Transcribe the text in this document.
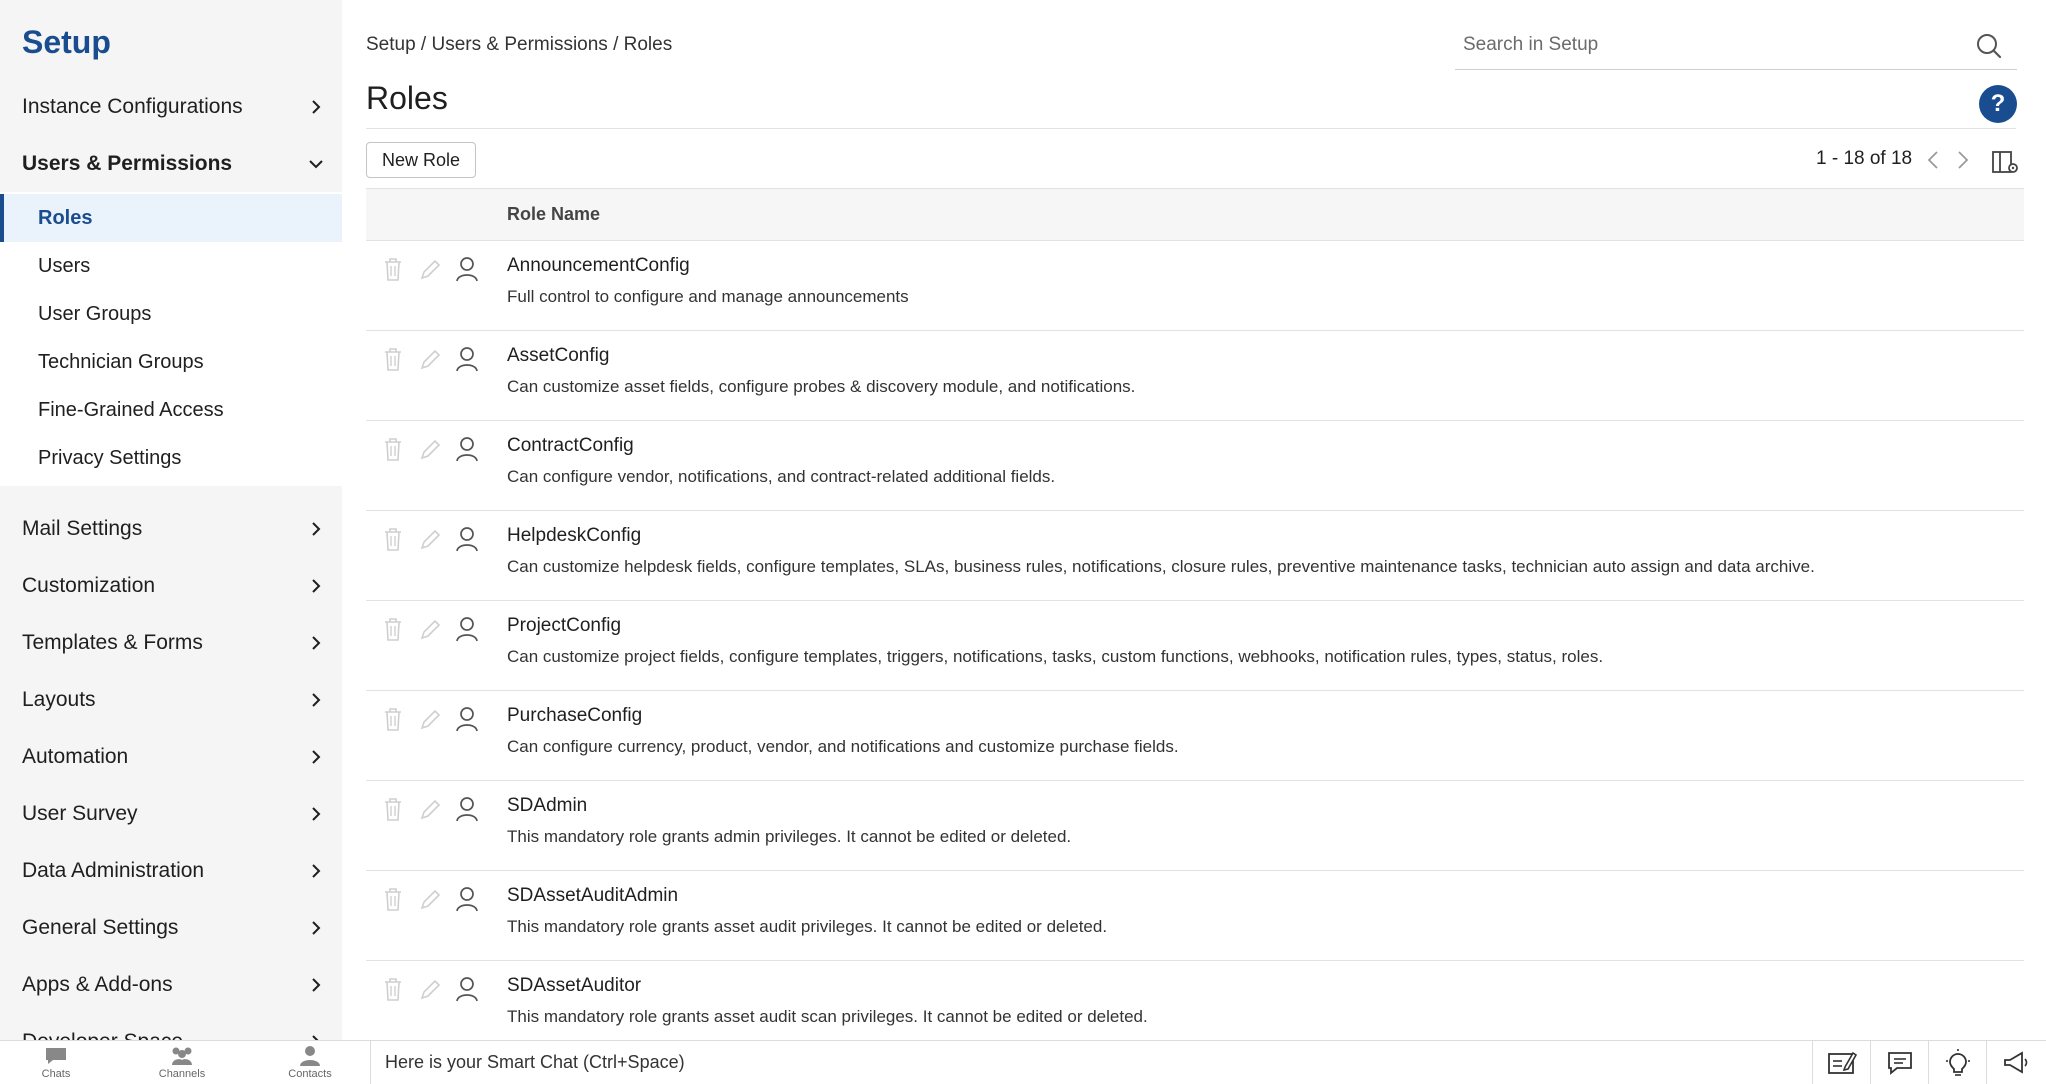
Setup
Instance Configurations
Users & Permissions
Roles
Users
User Groups
Technician Groups
Fine-Grained Access
Privacy Settings
Mail Settings
Customization
Templates & Forms
Layouts
Automation
User Survey
Data Administration
General Settings
Apps & Add-ons
Setup / Users & Permissions / Roles
Search in Setup
Roles	?
New Role	1 - 18 of 18
Role Name
AnnouncementConfig
Full control to configure and manage announcements
AssetConfig
Can customize asset fields, configure probes & discovery module, and notifications.
ContractConfig
Can configure vendor, notifications, and contract-related additional fields.
HelpdeskConfig
Can customize helpdesk fields, configure templates, SLAs, business rules, notifications, closure rules, preventive maintenance tasks, technician auto assign and data archive.
ProjectConfig
Can customize project fields, configure templates, triggers, notifications, tasks, custom functions, webhooks, notification rules, types, status, roles.
PurchaseConfig
Can configure currency, product, vendor, and notifications and customize purchase fields.
SDAdmin
This mandatory role grants admin privileges. It cannot be edited or deleted.
SDAssetAuditAdmin
This mandatory role grants asset audit privileges. It cannot be edited or deleted.
SDAssetAuditor
This mandatory role grants asset audit scan privileges. It cannot be edited or deleted.
Chats	Channels	Contacts
Here is your Smart Chat (Ctrl+Space)
